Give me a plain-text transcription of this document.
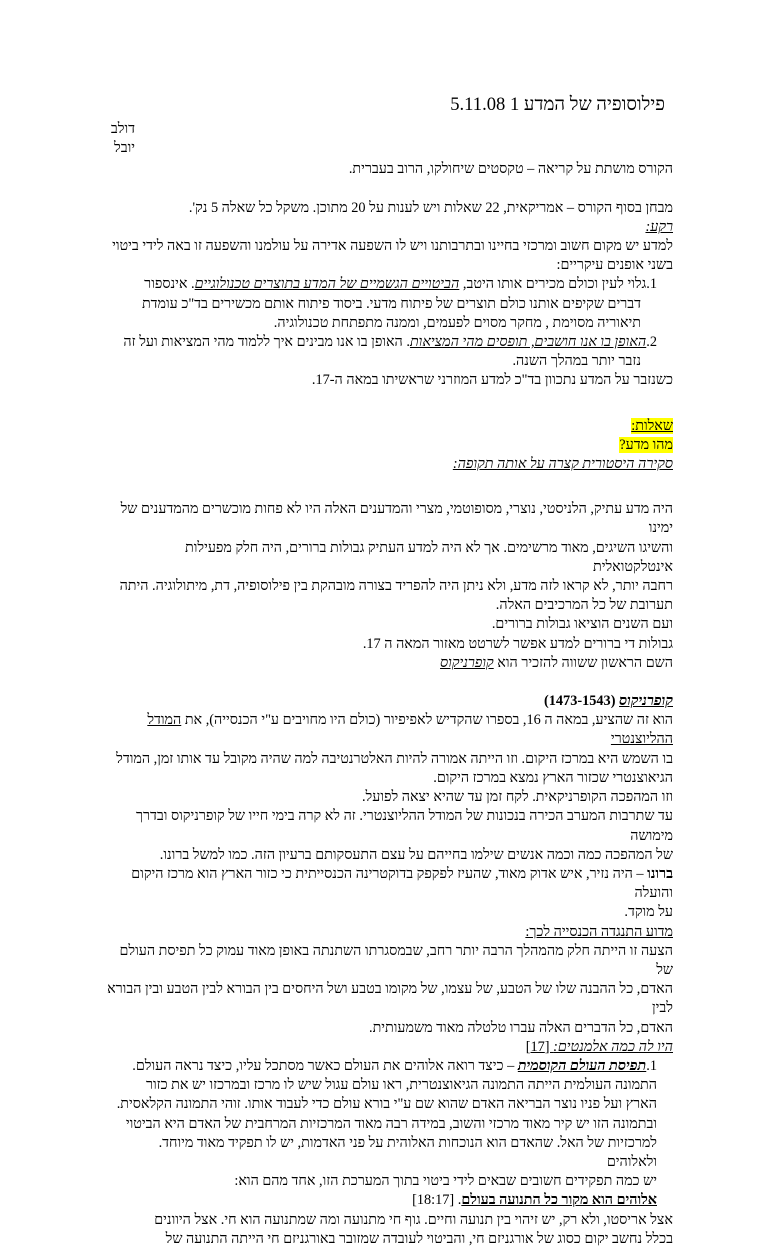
פילוסופיה של המדע 1 5.11.08

דולב יובל

הקורס מושתת על קריאה – טקסטים שיחולקו, הרוב בעברית.

מבחן בסוף הקורס – אמריקאית, 22 שאלות ויש לענות על 20 מתוכן. משקל כל שאלה 5 נק'.

רקע:

למדע יש מקום חשוב ומרכזי בחיינו ובתרבותנו ויש לו השפעה אדירה על עולמנו והשפעה זו באה לידי ביטוי

בשני אופנים עיקריים:

1.גלוי לעין וכולם מכירים אותו היטב, הביטויים הגשמיים של המדע בתוצרים טכנולוגיים. אינספור

דברים שקיפים אותנו כולם תוצרים של פיתוח מדעי. ביסוד פיתוח אותם מכשירים בד"כ עומדת

תיאוריה מסוימת , מחקר מסוים לפעמים, וממנה מתפתחת טכנולוגיה.

2.האופן בו אנו חושבים, תופסים מהי המציאות. האופן בו אנו מבינים איך ללמוד מהי המציאות ועל זה

נזבר יותר במהלך השנה.

כשנזבר על המדע נתכוון בד"כ למדע המוזרני שראשיתו במאה ה-17.

שאלות:

מהו מדע?

סקירה היסטורית קצרה על אותה תקופה:

היה מדע עתיק, הלניסטי, נוצרי, מסופוטמי, מצרי והמדענים האלה היו לא פחות מוכשרים מהמדענים של ימינו

והשיגו השיגים, מאוד מרשימים. אך לא היה למדע העתיק גבולות ברורים, היה חלק מפעילות אינטלקטואלית

רחבה יותר, לא קראו לזה מדע, ולא ניתן היה להפריד בצורה מובהקת בין פילוסופיה, דת, מיתולוגיה. היתה

תערובת של כל המרכיבים האלה.

ועם השנים הוציאו גבולות ברורים.

גבולות די ברורים למדע אפשר לשרטט מאזור המאה ה 17.

השם הראשון ששווה להזכיר הוא קופרניקוס

קופרניקוס (1473-1543)

הוא זה שהציע, במאה ה 16, בספרו שהקדיש לאפיפיור (כולם היו מחויבים ע"י הכנסייה), את המודל ההליוצנטרי

בו השמש היא במרכז היקום. וזו הייתה אמורה להיות האלטרנטיבה למה שהיה מקובל עד אותו זמן, המודל

הגיאוצנטרי שכזור הארץ נמצא במרכז היקום.

וזו המהפכה הקופרניקאית. לקח זמן עד שהיא יצאה לפועל.

עד שתרבות המערב הכירה בנכונות של המודל ההליוצנטרי. זה לא קרה בימי חייו של קופרניקוס ובדרך מימושה

של המהפכה כמה וכמה אנשים שילמו בחייהם על עצם התעסקותם ברעיון הזה. כמו למשל ברונו.

ברונו – היה נזיר, איש אדוק מאוד, שהעיז לפקפק בדוקטרינה הכנסייתית כי כזור הארץ הוא מרכז היקום והועלה

על מוקד.

מדוע התנגדה הכנסייה לכך:

הצעה זו הייתה חלק מהמהלך הרבה יותר רחב, שבמסגרתו השתנתה באופן מאוד עמוק כל תפיסת העולם של

האדם, כל ההבנה שלו של הטבע, של עצמו, של מקומו בטבע ושל היחסים בין הבורא לבין הטבע ובין הבורא לבין

האדם, כל הדברים האלה עברו טלטלה מאוד משמעותית.

היו לה כמה אלמנטים: [17]

1.תפיסת העולם הקוסמית – כיצד רואה אלוהים את העולם כאשר מסתכל עליו, כיצד נראה העולם.

התמונה העולמית הייתה התמונה הגיאוצנטרית, ראו עולם עגול שיש לו מרכז ובמרכזו יש את כזור

הארץ ועל פניו נוצר הבריאה האדם שהוא שם ע"י בורא עולם כדי לעבוד אותו. זוהי התמונה הקלאסית.

ובתמונה הזו יש קיר מאוד מרכזי והשוב, במידה רבה מאוד המרכזיות המרחבית של האדם היא הביטוי

למרכזיות של האל. שהאדם הוא הנוכחות האלוהית על פני האדמות, יש לו תפקיד מאוד מיוחד. ולאלוהים

יש כמה תפקידים חשובים שבאים לידי ביטוי בתוך המערכת הזו, אחד מהם הוא:

אלוהים הוא מקור כל התנועה בעולם. [18:17]

אצל אריסטו, ולא רק, יש זיהוי בין תנועה וחיים. גוף חי מתנועה ומה שמתנועה הוא חי. אצל היוונים

בכלל נחשב יקום כסוג של אורגניזם חי, והביטוי לעובדה שמזובר באורגניזם חי הייתה התנועה של
